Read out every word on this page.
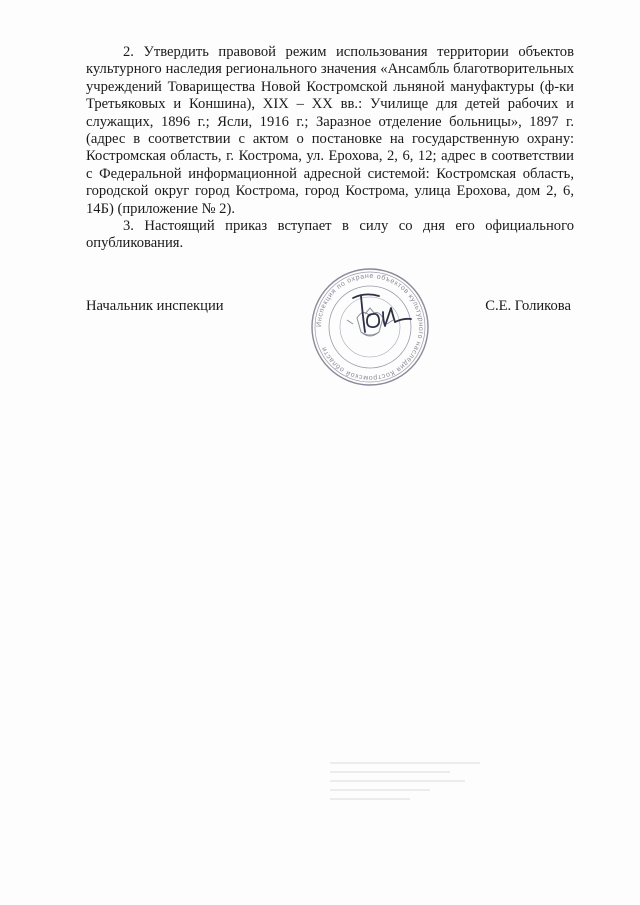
2. Утвердить правовой режим использования территории объектов культурного наследия регионального значения «Ансамбль благотворительных учреждений Товарищества Новой Костромской льняной мануфактуры (ф-ки Третьяковых и Коншина), XIX – XX вв.: Училище для детей рабочих и служащих, 1896 г.; Ясли, 1916 г.; Заразное отделение больницы», 1897 г. (адрес в соответствии с актом о постановке на государственную охрану: Костромская область, г. Кострома, ул. Ерохова, 2, 6, 12; адрес в соответствии с Федеральной информационной адресной системой: Костромская область, городской округ город Кострома, город Кострома, улица Ерохова, дом 2, 6, 14Б) (приложение № 2).

3. Настоящий приказ вступает в силу со дня его официального опубликования.

Начальник инспекции	С.Е. Голикова
Инспекция по охране объектов культурного наследия Костромской области
